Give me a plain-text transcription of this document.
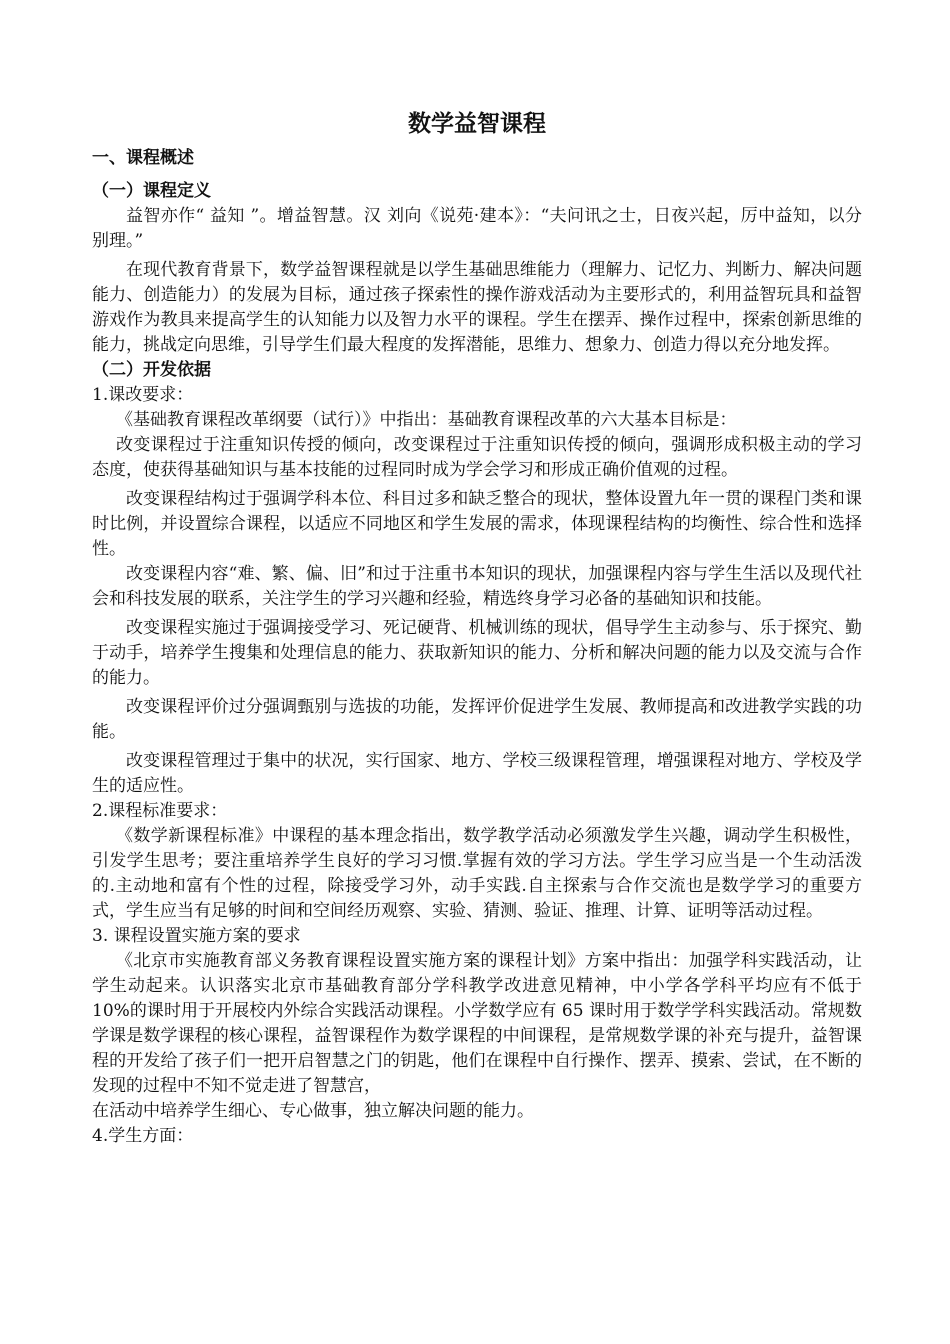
数学益智课程
一、课程概述
（一）课程定义

益智亦作“ 益知 ”。增益智慧。汉 刘向《说苑·建本》：“夫问讯之士，日夜兴起，厉中益知，以分别理。”

在现代教育背景下，数学益智课程就是以学生基础思维能力（理解力、记忆力、判断力、解决问题能力、创造能力）的发展为目标，通过孩子探索性的操作游戏活动为主要形式的，利用益智玩具和益智游戏作为教具来提高学生的认知能力以及智力水平的课程。学生在摆弄、操作过程中，探索创新思维的能力，挑战定向思维，引导学生们最大程度的发挥潜能，思维力、想象力、创造力得以充分地发挥。

（二）开发依据

1.课改要求：

《基础教育课程改革纲要（试行）》中指出：基础教育课程改革的六大基本目标是：

改变课程过于注重知识传授的倾向，改变课程过于注重知识传授的倾向，强调形成积极主动的学习态度，使获得基础知识与基本技能的过程同时成为学会学习和形成正确价值观的过程。

改变课程结构过于强调学科本位、科目过多和缺乏整合的现状，整体设置九年一贯的课程门类和课时比例，并设置综合课程，以适应不同地区和学生发展的需求，体现课程结构的均衡性、综合性和选择性。

改变课程内容“难、繁、偏、旧”和过于注重书本知识的现状，加强课程内容与学生生活以及现代社会和科技发展的联系，关注学生的学习兴趣和经验，精选终身学习必备的基础知识和技能。

改变课程实施过于强调接受学习、死记硬背、机械训练的现状，倡导学生主动参与、乐于探究、勤于动手，培养学生搜集和处理信息的能力、获取新知识的能力、分析和解决问题的能力以及交流与合作的能力。

改变课程评价过分强调甄别与选拔的功能，发挥评价促进学生发展、教师提高和改进教学实践的功能。

改变课程管理过于集中的状况，实行国家、地方、学校三级课程管理，增强课程对地方、学校及学生的适应性。

2.课程标准要求：

《数学新课程标准》中课程的基本理念指出，数学教学活动必须激发学生兴趣，调动学生积极性，引发学生思考；要注重培养学生良好的学习习惯.掌握有效的学习方法。学生学习应当是一个生动活泼的.主动地和富有个性的过程，除接受学习外，动手实践.自主探索与合作交流也是数学学习的重要方式，学生应当有足够的时间和空间经历观察、实验、猜测、验证、推理、计算、证明等活动过程。

3. 课程设置实施方案的要求

《北京市实施教育部义务教育课程设置实施方案的课程计划》方案中指出：加强学科实践活动，让学生动起来。认识落实北京市基础教育部分学科教学改进意见精神，中小学各学科平均应有不低于 10%的课时用于开展校内外综合实践活动课程。小学数学应有 65 课时用于数学学科实践活动。常规数学课是数学课程的核心课程，益智课程作为数学课程的中间课程，是常规数学课的补充与提升，益智课程的开发给了孩子们一把开启智慧之门的钥匙，他们在课程中自行操作、摆弄、摸索、尝试，在不断的发现的过程中不知不觉走进了智慧宫，

在活动中培养学生细心、专心做事，独立解决问题的能力。

4.学生方面：
